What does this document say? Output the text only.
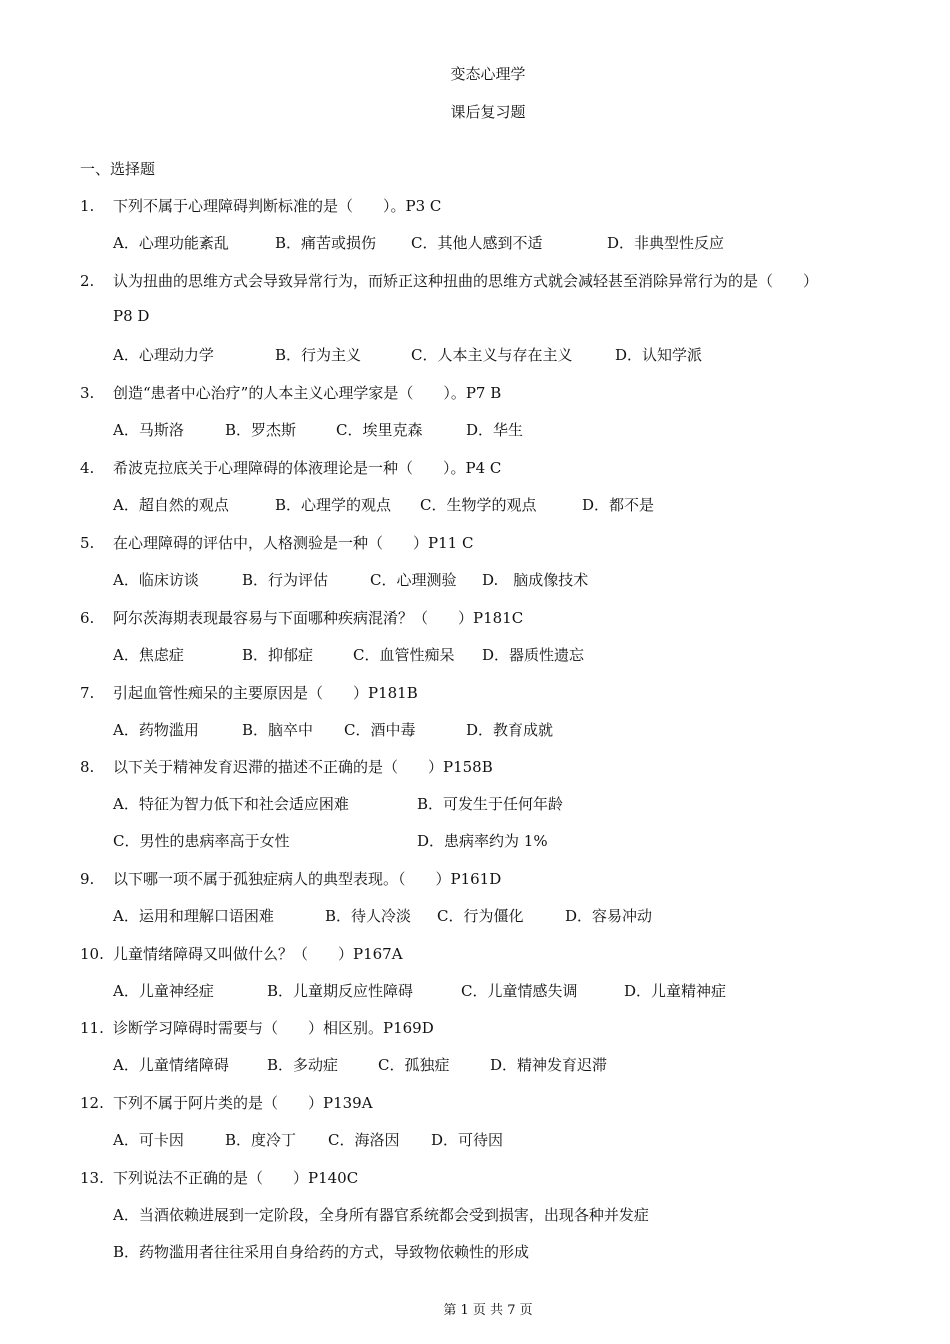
变态心理学
课后复习题
一、选择题
1. 下列不属于心理障碍判断标准的是（　　）。P3 C
A．心理功能紊乱	B．痛苦或损伤 C．其他人感到不适	D．非典型性反应
2. 认为扭曲的思维方式会导致异常行为，而矫正这种扭曲的思维方式就会减轻甚至消除异常行为的是（　　）
P8 D
A．心理动力学	B．行为主义	C．人本主义与存在主义	D．认知学派
3. 创造“患者中心治疗”的人本主义心理学家是（　　）。P7 B
A．马斯洛	B．罗杰斯	C．埃里克森	D．华生
4. 希波克拉底关于心理障碍的体液理论是一种（　　）。P4 C
A．超自然的观点	B．心理学的观点 C．生物学的观点	D．都不是
5. 在心理障碍的评估中，人格测验是一种（　　）P11 C
A．临床访谈	B．行为评估	C．心理测验 D.　脑成像技术
6. 阿尔茨海期表现最容易与下面哪种疾病混淆？（　　）P181C
A．焦虑症	B．抑郁症	C．血管性痴呆 D．器质性遗忘
7. 引起血管性痴呆的主要原因是（　　）P181B
A．药物滥用	B．脑卒中 C．酒中毒	D．教育成就
8. 以下关于精神发育迟滞的描述不正确的是（　　）P158B
A．特征为智力低下和社会适应困难	B．可发生于任何年龄
C．男性的患病率高于女性	D．患病率约为 1%
9. 以下哪一项不属于孤独症病人的典型表现。（　　）P161D
A．运用和理解口语困难	B．待人冷淡 C．行为僵化	D．容易冲动
10. 儿童情绪障碍又叫做什么？（　　）P167A
A．儿童神经症	B．儿童期反应性障碍	C．儿童情感失调	D．儿童精神症
11. 诊断学习障碍时需要与（　　）相区别。P169D
A．儿童情绪障碍	B．多动症	C．孤独症	D．精神发育迟滞
12. 下列不属于阿片类的是（　　）P139A
A．可卡因	B．度冷丁 C．海洛因 D．可待因
13. 下列说法不正确的是（　　）P140C
A．当酒依赖进展到一定阶段，全身所有器官系统都会受到损害，出现各种并发症
B．药物滥用者往往采用自身给药的方式，导致物依赖性的形成
第 1 页 共 7 页
